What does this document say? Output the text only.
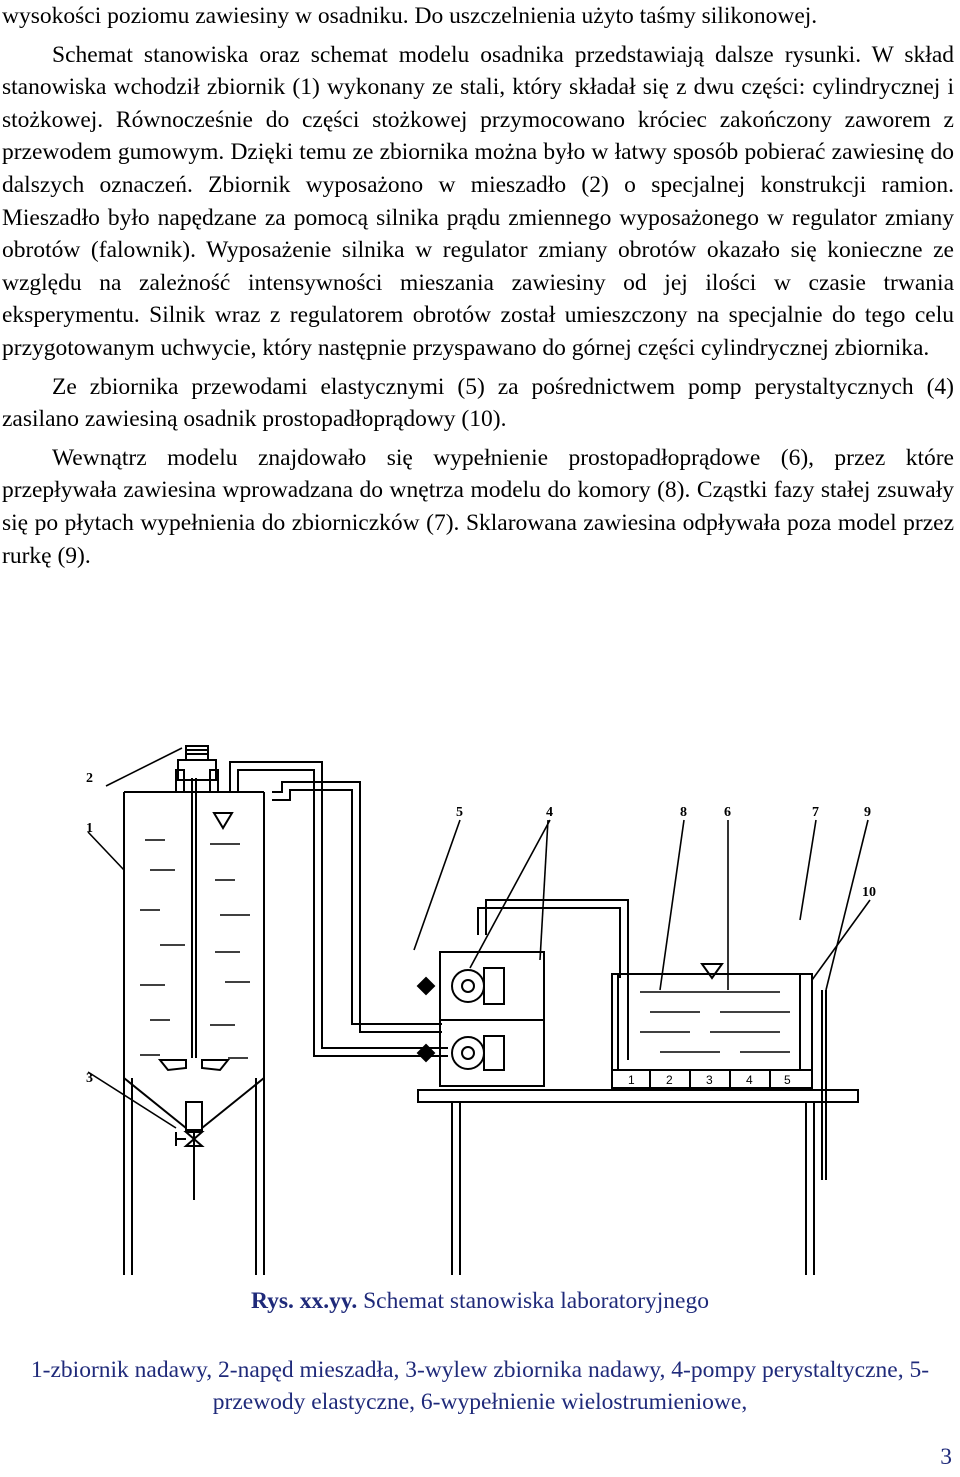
wysokości poziomu zawiesiny w osadniku. Do uszczelnienia użyto taśmy silikonowej.

Schemat stanowiska oraz schemat modelu osadnika przedstawiają dalsze rysunki. W skład stanowiska wchodził zbiornik (1) wykonany ze stali, który składał się z dwu części: cylindrycznej i stożkowej. Równocześnie do części stożkowej przymocowano króciec zakończony zaworem z przewodem gumowym. Dzięki temu ze zbiornika można było w łatwy sposób pobierać zawiesinę do dalszych oznaczeń. Zbiornik wyposażono w mieszadło (2) o specjalnej konstrukcji ramion. Mieszadło było napędzane za pomocą silnika prądu zmiennego wyposażonego w regulator zmiany obrotów (falownik). Wyposażenie silnika w regulator zmiany obrotów okazało się konieczne ze względu na zależność intensywności mieszania zawiesiny od jej ilości w czasie trwania eksperymentu. Silnik wraz z regulatorem obrotów został umieszczony na specjalnie do tego celu przygotowanym uchwycie, który następnie przyspawano do górnej części cylindrycznej zbiornika.

Ze zbiornika przewodami elastycznymi (5) za pośrednictwem pomp perystaltycznych (4) zasilano zawiesiną osadnik prostopadłoprądowy (10).

Wewnątrz modelu znajdowało się wypełnienie prostopadłoprądowe (6), przez które przepływała zawiesina wprowadzana do wnętrza modelu do komory (8). Cząstki fazy stałej zsuwały się po płytach wypełnienia do zbiorniczków (7). Sklarowana zawiesina odpływała poza model przez rurkę (9).

2
1
3
5	4	8	6	7	9
10
1	2	3	4	5
Rys. xx.yy. Schemat stanowiska laboratoryjnego
1-zbiornik nadawy, 2-napęd mieszadła, 3-wylew zbiornika nadawy, 4-pompy perystaltyczne, 5-przewody elastyczne, 6-wypełnienie wielostrumieniowe,
3
